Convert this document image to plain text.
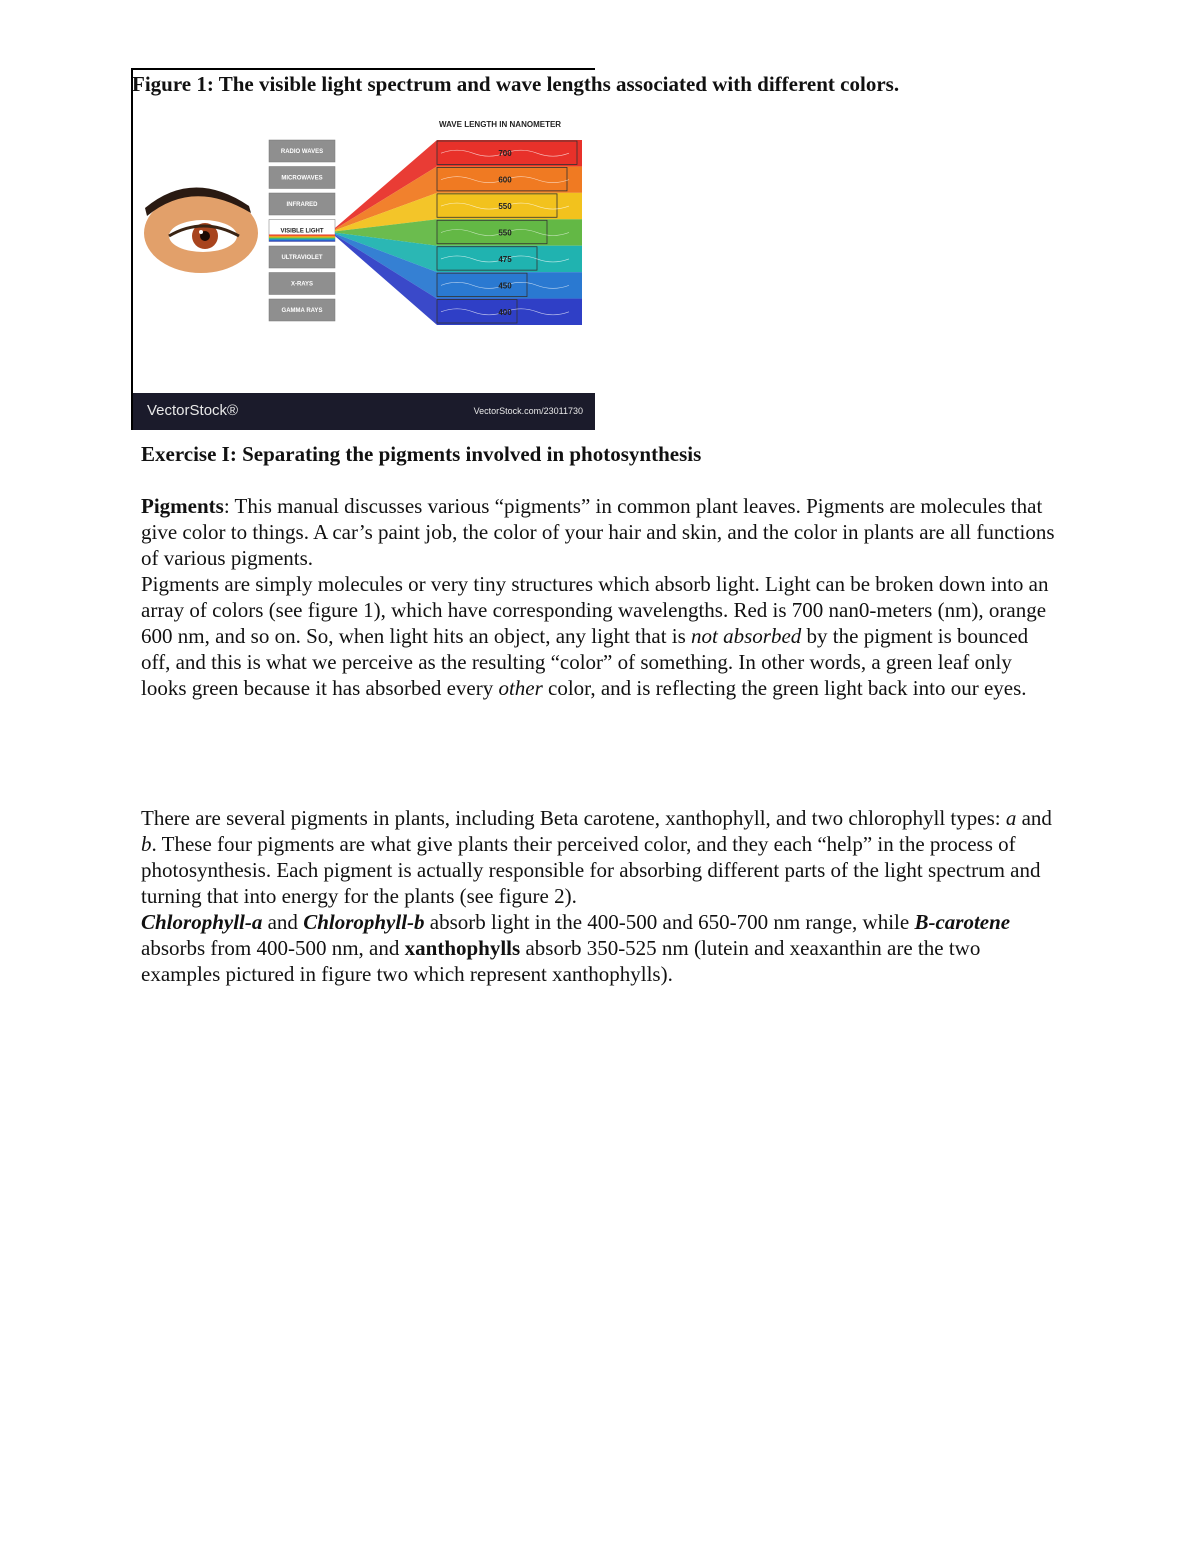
Figure 1: The visible light spectrum and wave lengths associated with different colors.
RADIO WAVES
MICROWAVES
INFRARED
VISIBLE LIGHT
ULTRAVIOLET
X-RAYS
GAMMA RAYS
700
600
550
550
475
450
400
WAVE LENGTH IN NANOMETER
VectorStock®	VectorStock.com/23011730
Exercise I: Separating the pigments involved in photosynthesis
Pigments: This manual discusses various “pigments” in common plant leaves. Pigments are molecules that give color to things. A car’s paint job, the color of your hair and skin, and the color in plants are all functions of various pigments.
Pigments are simply molecules or very tiny structures which absorb light. Light can be broken down into an array of colors (see figure 1), which have corresponding wavelengths. Red is 700 nan0-meters (nm), orange 600 nm, and so on. So, when light hits an object, any light that is not absorbed by the pigment is bounced off, and this is what we perceive as the resulting “color” of something. In other words, a green leaf only looks green because it has absorbed every other color, and is reflecting the green light back into our eyes.
There are several pigments in plants, including Beta carotene, xanthophyll, and two chlorophyll types: a and b. These four pigments are what give plants their perceived color, and they each “help” in the process of photosynthesis. Each pigment is actually responsible for absorbing different parts of the light spectrum and turning that into energy for the plants (see figure 2).
Chlorophyll-a and Chlorophyll-b absorb light in the 400-500 and 650-700 nm range, while B-carotene absorbs from 400-500 nm, and xanthophylls absorb 350-525 nm (lutein and xeaxanthin are the two examples pictured in figure two which represent xanthophylls).
